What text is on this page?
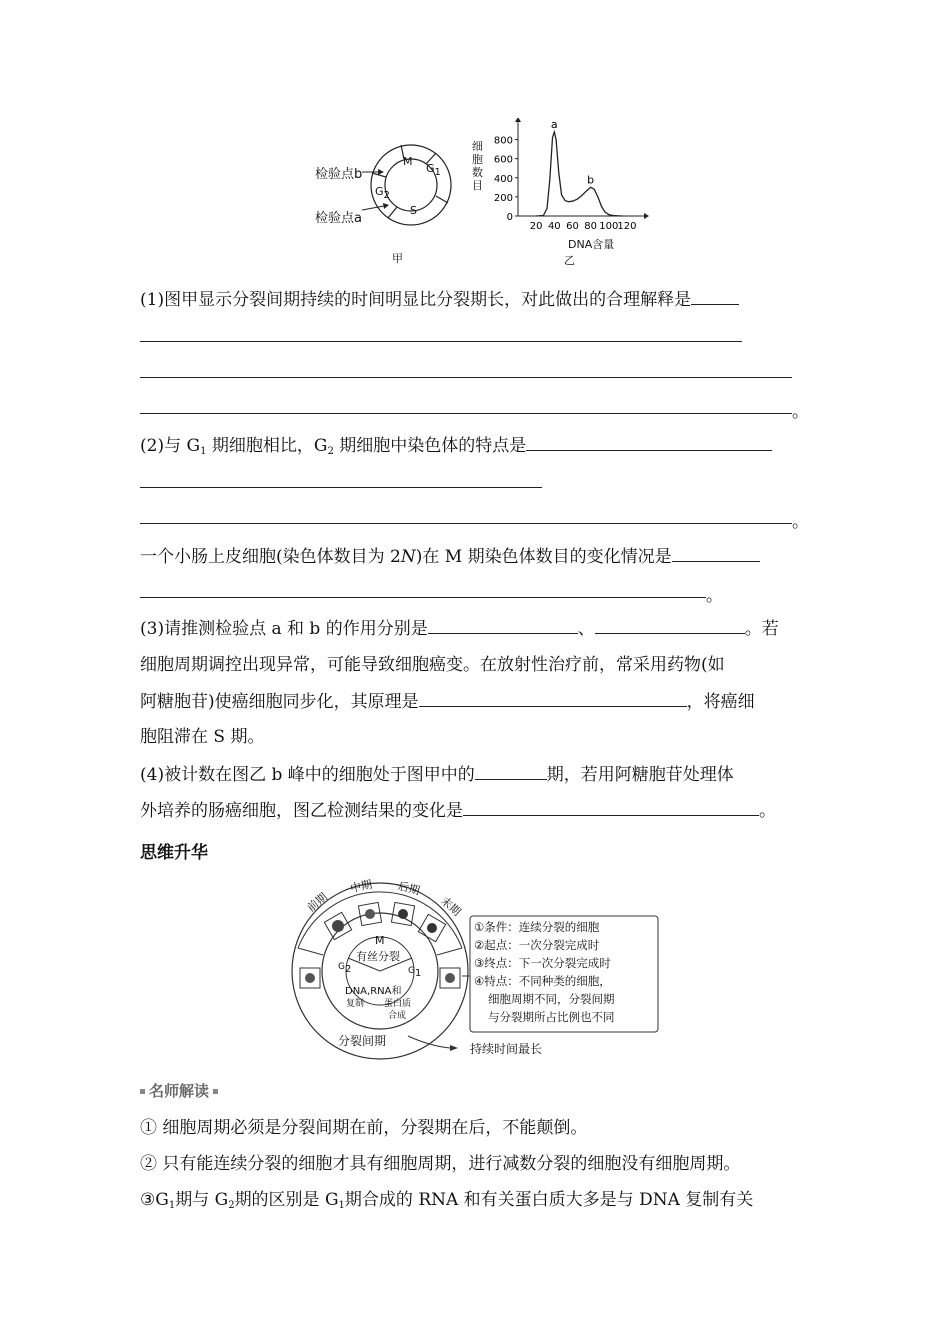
检验点b
检验点a
M
$G_1$
$G_2$
S
甲
0
200
400
600
800
20 40 60 80 100 120
a
b
细胞数目
DNA含量
乙
(1)图甲显示分裂间期持续的时间明显比分裂期长，对此做出的合理解释是
。
(2)与 $G_1$ 期细胞相比，$G_2$ 期细胞中染色体的特点是
。
一个小肠上皮细胞(染色体数目为 2N)在 M 期染色体数目的变化情况是
。
(3)请推测检验点 a 和 b 的作用分别是	、	。若
细胞周期调控出现异常，可能导致细胞癌变。在放射性治疗前，常采用药物(如
阿糖胞苷)使癌细胞同步化，其原理是	，将癌细
胞阻滞在 S 期。
(4)被计数在图乙 b 峰中的细胞处于图甲中的	期，若用阿糖胞苷处理体
外培养的肠癌细胞，图乙检测结果的变化是	。
思维升华
前期
中期 后期
末期
M
有丝分裂
$G_2$	$G_1$
DNA,RNA和
复制 蛋白质
合成
分裂间期
持续时间最长
①条件：连续分裂的细胞
②起点：一次分裂完成时
③终点：下一次分裂完成时
④特点：不同种类的细胞，
细胞周期不同，分裂间期
与分裂期所占比例也不同
名师解读
① 细胞周期必须是分裂间期在前，分裂期在后，不能颠倒。
② 只有能连续分裂的细胞才具有细胞周期，进行减数分裂的细胞没有细胞周期。
$③G_1$期与 $G_2$期的区别是 $G_1$期合成的 RNA 和有关蛋白质大多是与 DNA 复制有关
